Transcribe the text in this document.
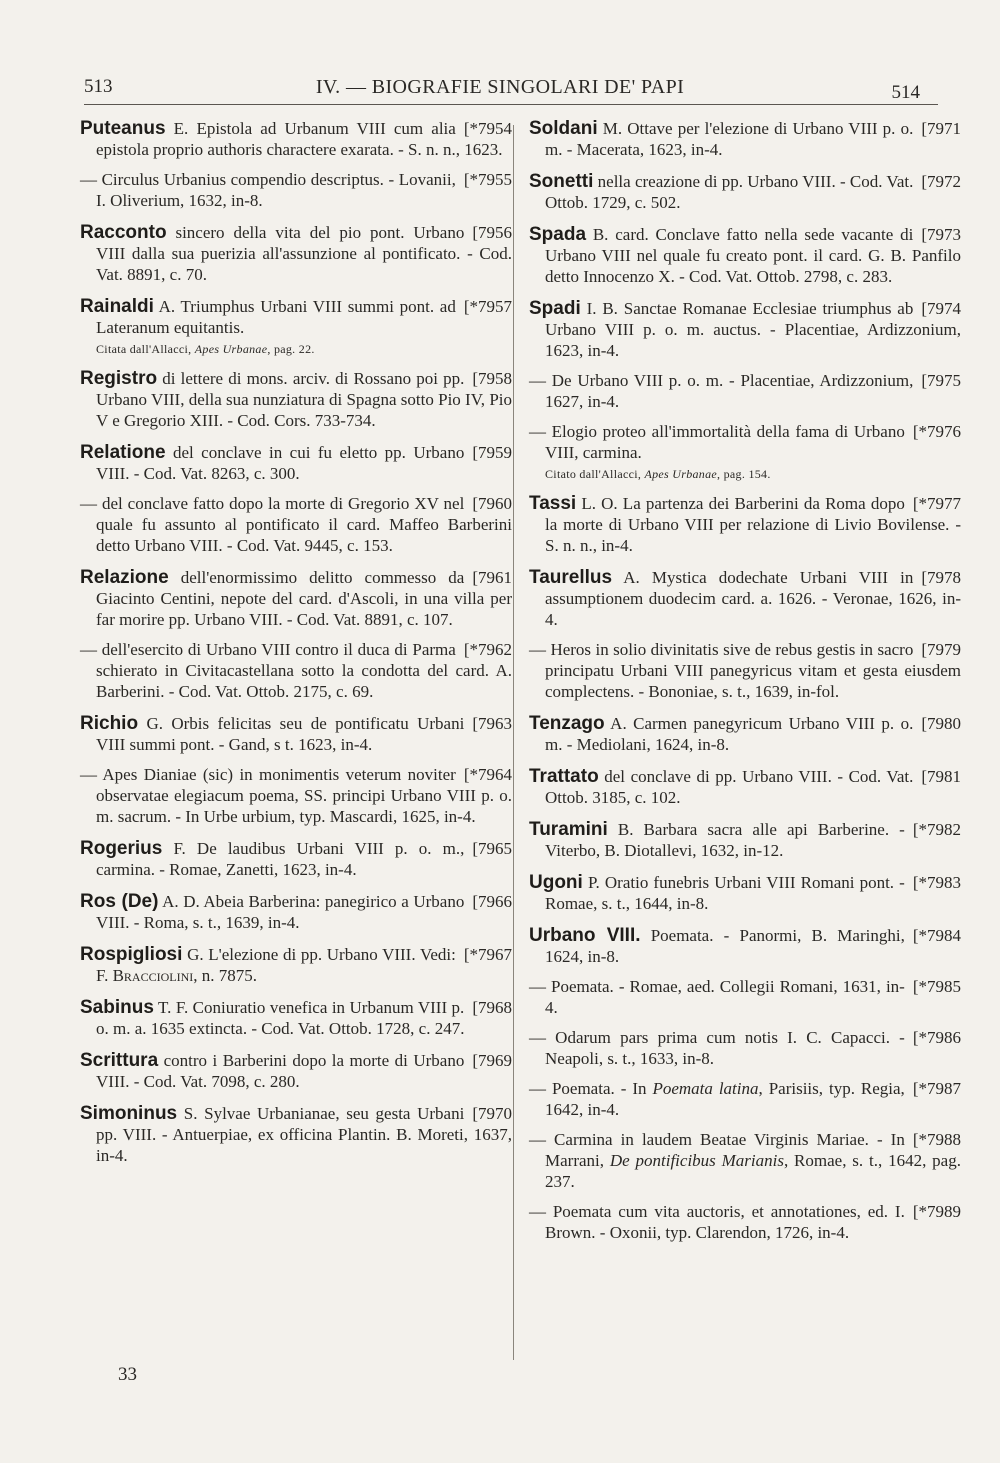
513	IV. — BIOGRAFIE SINGOLARI DE' PAPI	514
[*7954
Puteanus E. Epistola ad Urbanum VIII cum alia epistola proprio authoris charactere exarata. - S. n. n., 1623.
[*7955
— Circulus Urbanius compendio descriptus. - Lovanii, I. Oliverium, 1632, in-8.
[7956
Racconto sincero della vita del pio pont. Urbano VIII dalla sua puerizia all'assunzione al pontificato. - Cod. Vat. 8891, c. 70.
[*7957
Rainaldi A. Triumphus Urbani VIII summi pont. ad Lateranum equitantis.
Citata dall'Allacci, Apes Urbanae, pag. 22.
[7958
Registro di lettere di mons. arciv. di Rossano poi pp. Urbano VIII, della sua nunziatura di Spagna sotto Pio IV, Pio V e Gregorio XIII. - Cod. Cors. 733-734.
[7959
Relatione del conclave in cui fu eletto pp. Urbano VIII. - Cod. Vat. 8263, c. 300.
[7960
— del conclave fatto dopo la morte di Gregorio XV nel quale fu assunto al pontificato il card. Maffeo Barberini detto Urbano VIII. - Cod. Vat. 9445, c. 153.
[7961
Relazione dell'enormissimo delitto commesso da Giacinto Centini, nepote del card. d'Ascoli, in una villa per far morire pp. Urbano VIII. - Cod. Vat. 8891, c. 107.
[*7962
— dell'esercito di Urbano VIII contro il duca di Parma schierato in Civitacastellana sotto la condotta del card. A. Barberini. - Cod. Vat. Ottob. 2175, c. 69.
[7963
Richio G. Orbis felicitas seu de pontificatu Urbani VIII summi pont. - Gand, s t. 1623, in-4.
[*7964
— Apes Dianiae (sic) in monimentis veterum noviter observatae elegiacum poema, SS. principi Urbano VIII p. o. m. sacrum. - In Urbe urbium, typ. Mascardi, 1625, in-4.
[7965
Rogerius F. De laudibus Urbani VIII p. o. m., carmina. - Romae, Zanetti, 1623, in-4.
[7966
Ros (De) A. D. Abeia Barberina: panegirico a Urbano VIII. - Roma, s. t., 1639, in-4.
[*7967
Rospigliosi G. L'elezione di pp. Urbano VIII. Vedi: F. Bracciolini, n. 7875.
[7968
Sabinus T. F. Coniuratio venefica in Urbanum VIII p. o. m. a. 1635 extincta. - Cod. Vat. Ottob. 1728, c. 247.
[7969
Scrittura contro i Barberini dopo la morte di Urbano VIII. - Cod. Vat. 7098, c. 280.
[7970
Simoninus S. Sylvae Urbanianae, seu gesta Urbani pp. VIII. - Antuerpiae, ex officina Plantin. B. Moreti, 1637, in-4.
[7971
Soldani M. Ottave per l'elezione di Urbano VIII p. o. m. - Macerata, 1623, in-4.
[7972
Sonetti nella creazione di pp. Urbano VIII. - Cod. Vat. Ottob. 1729, c. 502.
[7973
Spada B. card. Conclave fatto nella sede vacante di Urbano VIII nel quale fu creato pont. il card. G. B. Panfilo detto Innocenzo X. - Cod. Vat. Ottob. 2798, c. 283.
[7974
Spadi I. B. Sanctae Romanae Ecclesiae triumphus ab Urbano VIII p. o. m. auctus. - Placentiae, Ardizzonium, 1623, in-4.
[7975
— De Urbano VIII p. o. m. - Placentiae, Ardizzonium, 1627, in-4.
[*7976
— Elogio proteo all'immortalità della fama di Urbano VIII, carmina.
Citato dall'Allacci, Apes Urbanae, pag. 154.
[*7977
Tassi L. O. La partenza dei Barberini da Roma dopo la morte di Urbano VIII per relazione di Livio Bovilense. - S. n. n., in-4.
[7978
Taurellus A. Mystica dodechate Urbani VIII in assumptionem duodecim card. a. 1626. - Veronae, 1626, in-4.
[7979
— Heros in solio divinitatis sive de rebus gestis in sacro principatu Urbani VIII panegyricus vitam et gesta eiusdem complectens. - Bononiae, s. t., 1639, in-fol.
[7980
Tenzago A. Carmen panegyricum Urbano VIII p. o. m. - Mediolani, 1624, in-8.
[7981
Trattato del conclave di pp. Urbano VIII. - Cod. Vat. Ottob. 3185, c. 102.
[*7982
Turamini B. Barbara sacra alle api Barberine. - Viterbo, B. Diotallevi, 1632, in-12.
[*7983
Ugoni P. Oratio funebris Urbani VIII Romani pont. - Romae, s. t., 1644, in-8.
[*7984
Urbano VIII. Poemata. - Panormi, B. Maringhi, 1624, in-8.
[*7985
— Poemata. - Romae, aed. Collegii Romani, 1631, in-4.
[*7986
— Odarum pars prima cum notis I. C. Capacci. - Neapoli, s. t., 1633, in-8.
[*7987
— Poemata. - In Poemata latina, Parisiis, typ. Regia, 1642, in-4.
[*7988
— Carmina in laudem Beatae Virginis Mariae. - In Marrani, De pontificibus Marianis, Romae, s. t., 1642, pag. 237.
[*7989
— Poemata cum vita auctoris, et annotationes, ed. I. Brown. - Oxonii, typ. Clarendon, 1726, in-4.
33
